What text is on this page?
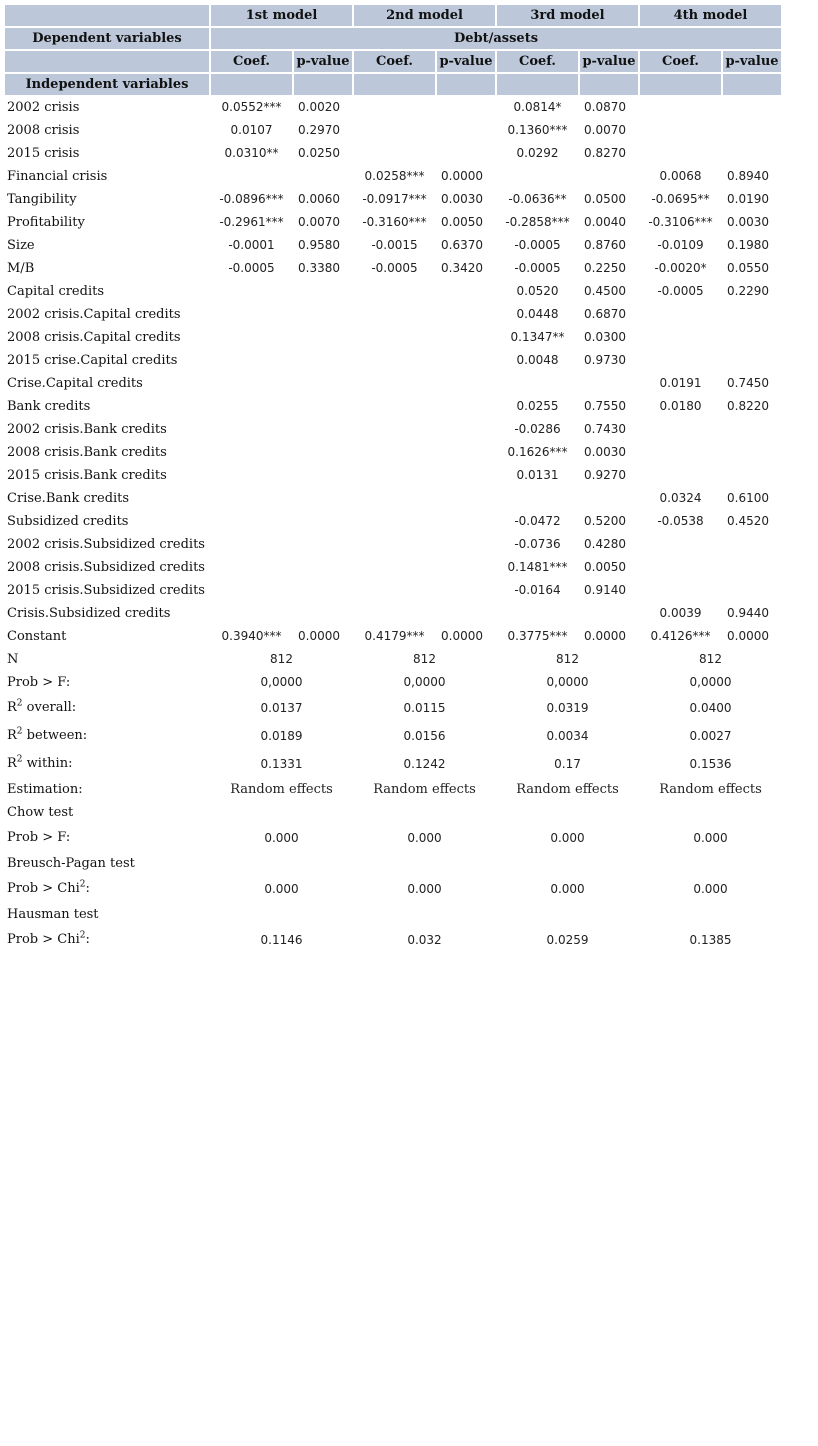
	1st model		2nd model		3rd model		4th model	
Dependent variables	Debt/assets							
	Coef.	p-value	Coef.	p-value	Coef.	p-value	Coef.	p-value
Independent variables								
2002 crisis	0.0552***	0.0020			0.0814*	0.0870		
2008 crisis	0.0107	0.2970			0.1360***	0.0070		
2015 crisis	0.0310**	0.0250			0.0292	0.8270		
Financial crisis			0.0258***	0.0000			0.0068	0.8940
Tangibility	-0.0896***	0.0060	-0.0917***	0.0030	-0.0636**	0.0500	-0.0695**	0.0190
Profitability	-0.2961***	0.0070	-0.3160***	0.0050	-0.2858***	0.0040	-0.3106***	0.0030
Size	-0.0001	0.9580	-0.0015	0.6370	-0.0005	0.8760	-0.0109	0.1980
M/B	-0.0005	0.3380	-0.0005	0.3420	-0.0005	0.2250	-0.0020*	0.0550
Capital credits					0.0520	0.4500	-0.0005	0.2290
2002 crisis.Capital credits					0.0448	0.6870		
2008 crisis.Capital credits					0.1347**	0.0300		
2015 crise.Capital credits					0.0048	0.9730		
Crise.Capital credits							0.0191	0.7450
Bank credits					0.0255	0.7550	0.0180	0.8220
2002 crisis.Bank credits					-0.0286	0.7430		
2008 crisis.Bank credits					0.1626***	0.0030		
2015 crisis.Bank credits					0.0131	0.9270		
Crise.Bank credits							0.0324	0.6100
Subsidized credits					-0.0472	0.5200	-0.0538	0.4520
2002 crisis.Subsidized credits					-0.0736	0.4280		
2008 crisis.Subsidized credits					0.1481***	0.0050		
2015 crisis.Subsidized credits					-0.0164	0.9140		
Crisis.Subsidized credits							0.0039	0.9440
Constant	0.3940***	0.0000	0.4179***	0.0000	0.3775***	0.0000	0.4126***	0.0000
N	812		812		812		812	
Prob > F:	0,0000		0,0000		0,0000		0,0000	
$R^2$ overall:	0.0137		0.0115		0.0319		0.0400	
$R^2$ between:	0.0189		0.0156		0.0034		0.0027	
$R^2$ within:	0.1331		0.1242		0.17		0.1536	
Estimation:	Random effects		Random effects		Random effects		Random effects	
Chow test								
Prob > F:	0.000		0.000		0.000		0.000	
Breusch-Pagan test								
Prob > Chi$^2$:	0.000		0.000		0.000		0.000	
Hausman test								
Prob > Chi$^2$:	0.1146		0.032		0.0259		0.1385	
